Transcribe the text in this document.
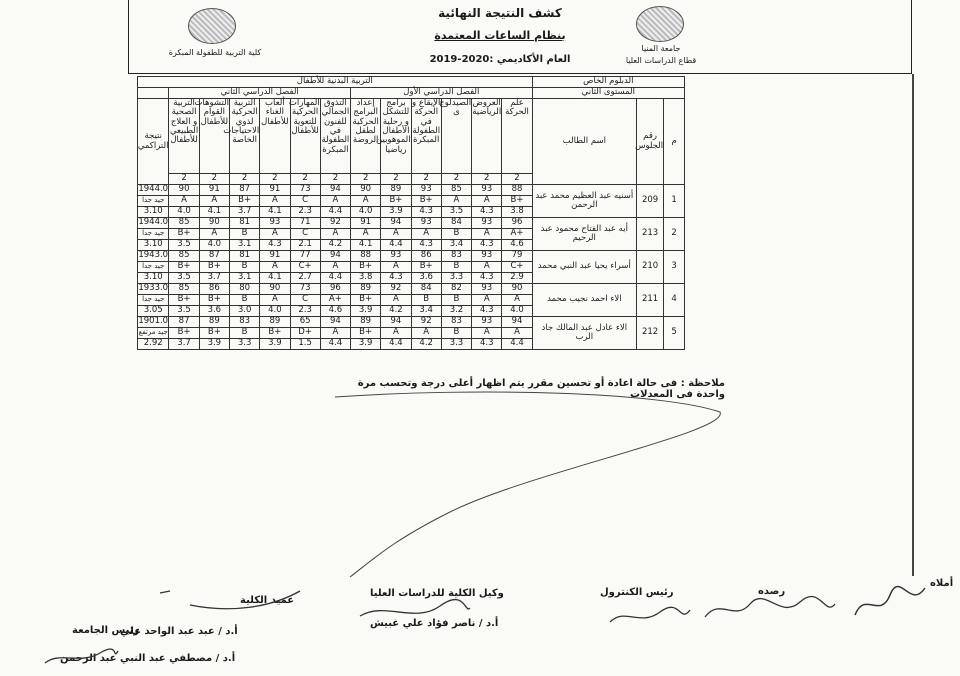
كلية التربية للطفولة المبكرة	جامعة المنيا
قطاع الدراسات العليا
كشف النتيجة النهائية
بنظام الساعات المعتمدة
العام الأكاديمي :2020-2019
الدبلوم الخاص			التربية البدنية للأطفال												
المستوى الثاني			الفصل الدراسي الأول						الفصل الدراسي الثاني						
م	رقم الجلوس	اسم الطالب	علم الحركة	العروض الرياضية	الصيدلوج ى	الإيقاع و الحركة في الطفولة المبكرة	برامج للتشكل و رحلية الأطفال الموهوبين رياضيا	إعداد البرامج الحركية لطفل الروضة	التذوق الجمالي للفنون في الطفولة المبكرة	المهارات الحركية للتعوية للأطفال	ألعاب الغناء للأطفال	التربية الحركية لذوي الاحتياجات الخاصة	التشوهات القوام للأطفال	التربية الصحية و العلاج الطبيعي للأطفال	نتيجة التراكمي
			2	2	2	2	2	2	2	2	2	2	2	2	
1	209	أسنيه عبد العظيم محمد عبد الرحمن	88	93	85	93	89	90	94	73	91	87	91	90	1944.0
			+B	A	A	+B	+B	A	A	C	A	+B	A	A	جيد جدا
			3.8	4.3	3.5	4.3	3.9	4.0	4.4	2.3	4.1	3.7	4.1	4.0	3.10
2	213	أيه عبد الفتاح محمود عبد الرحيم	96	93	84	93	94	91	92	71	93	81	90	85	1944.0
			+A	A	B	A	A	A	A	C	A	B	A	+B	جيد جدا
			4.6	4.3	3.4	4.3	4.4	4.1	4.2	2.1	4.3	3.1	4.0	3.5	3.10
3	210	أسراء يحيا عبد النبي محمد	79	93	83	86	93	88	94	77	91	81	87	85	1943.0
			+C	A	B	+B	A	+B	A	+C	A	B	+B	+B	جيد جدا
			2.9	4.3	3.3	3.6	4.3	3.8	4.4	2.7	4.1	3.1	3.7	3.5	3.10
4	211	الاء احمد نجيب محمد	90	93	82	84	92	89	96	73	90	80	86	85	1933.0
			A	A	B	B	A	+B	+A	C	A	B	+B	+B	جيد جدا
			4.0	4.3	3.2	3.4	4.2	3.9	4.6	2.3	4.0	3.0	3.6	3.5	3.05
5	212	الاء عادل عبد المالك جاد الرب	94	93	83	92	94	89	94	65	89	83	89	87	1901.0
			A	A	B	A	A	+B	A	+D	+B	B	+B	+B	جيد مرتفع
			4.4	4.3	3.3	4.2	4.4	3.9	4.4	1.5	3.9	3.3	3.9	3.7	2.92
ملاحظة : فى حالة اعادة أو تحسين مقرر يتم اظهار أعلى درجة وتحسب مرة واحدة فى المعدلات
أملاه
رصده
رئيس الكنترول
وكيل الكلية للدراسات العليا
أ.د / ناصر فؤاد علي غبيش
عميد الكلية
أ.د / عبد عبد الواحد علي
رئيس الجامعة
أ.د / مصطفي عبد النبي عبد الرحمن
